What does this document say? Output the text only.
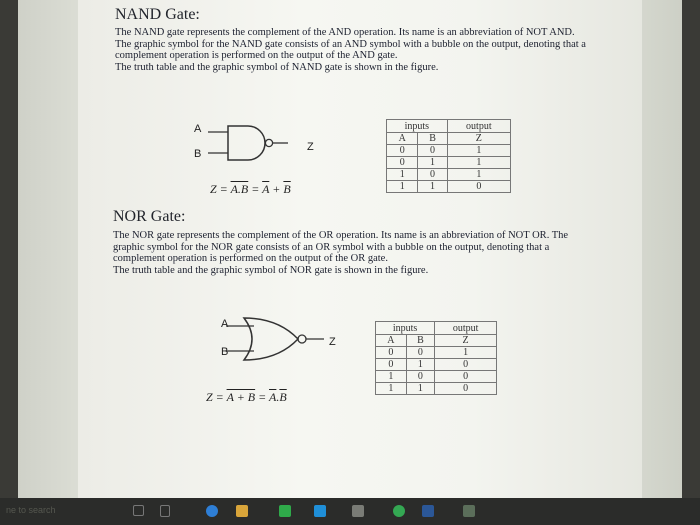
NAND Gate:
The NAND gate represents the complement of the AND operation. Its name is an abbreviation of NOT AND.
The graphic symbol for the NAND gate consists of an AND symbol with a bubble on the output, denoting that a
complement operation is performed on the output of the AND gate.
The truth table and the graphic symbol of NAND gate is shown in the figure.
A
B
Z
$Z = A.B = \overline{A} + \overline{B}$
inputs		output
A	B	Z
0	0	1
0	1	1
1	0	1
1	1	0
NOR Gate:
The NOR gate represents the complement of the OR operation. Its name is an abbreviation of NOT OR. The
graphic symbol for the NOR gate consists of an OR symbol with a bubble on the output, denoting that a
complement operation is performed on the output of the OR gate.
The truth table and the graphic symbol of NOR gate is shown in the figure.
A
B
Z
$Z = A + B = \overline{A}.\overline{B}$
inputs		output
A	B	Z
0	0	1
0	1	0
1	0	0
1	1	0
ne to search
